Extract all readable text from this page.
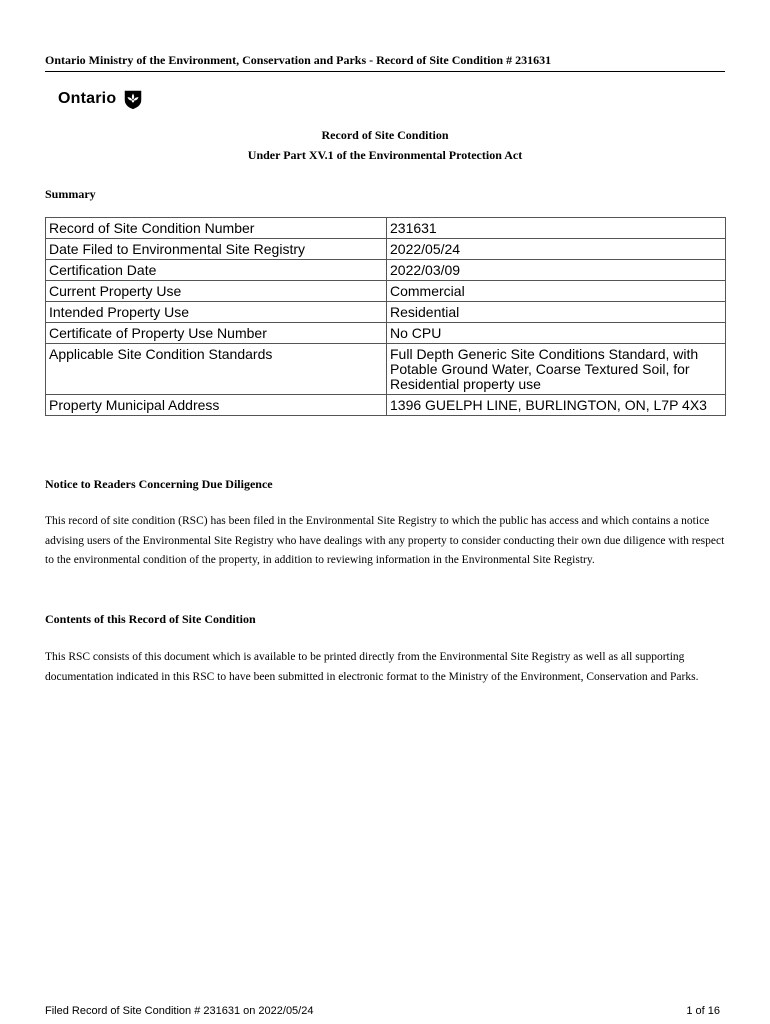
Ontario Ministry of the Environment, Conservation and Parks - Record of Site Condition # 231631
Ontario
Record of Site Condition
Under Part XV.1 of the Environmental Protection Act
Summary
Record of Site Condition Number	231631
Date Filed to Environmental Site Registry	2022/05/24
Certification Date	2022/03/09
Current Property Use	Commercial
Intended Property Use	Residential
Certificate of Property Use Number	No CPU
Applicable Site Condition Standards	Full Depth Generic Site Conditions Standard, with Potable Ground Water, Coarse Textured Soil, for Residential property use
Property Municipal Address	1396 GUELPH LINE, BURLINGTON, ON, L7P 4X3
Notice to Readers Concerning Due Diligence
This record of site condition (RSC) has been filed in the Environmental Site Registry to which the public has access and which contains a notice advising users of the Environmental Site Registry who have dealings with any property to consider conducting their own due diligence with respect to the environmental condition of the property, in addition to reviewing information in the Environmental Site Registry.
Contents of this Record of Site Condition
This RSC consists of this document which is available to be printed directly from the Environmental Site Registry as well as all supporting documentation indicated in this RSC to have been submitted in electronic format to the Ministry of the Environment, Conservation and Parks.
Filed Record of Site Condition # 231631 on 2022/05/24	1 of 16
